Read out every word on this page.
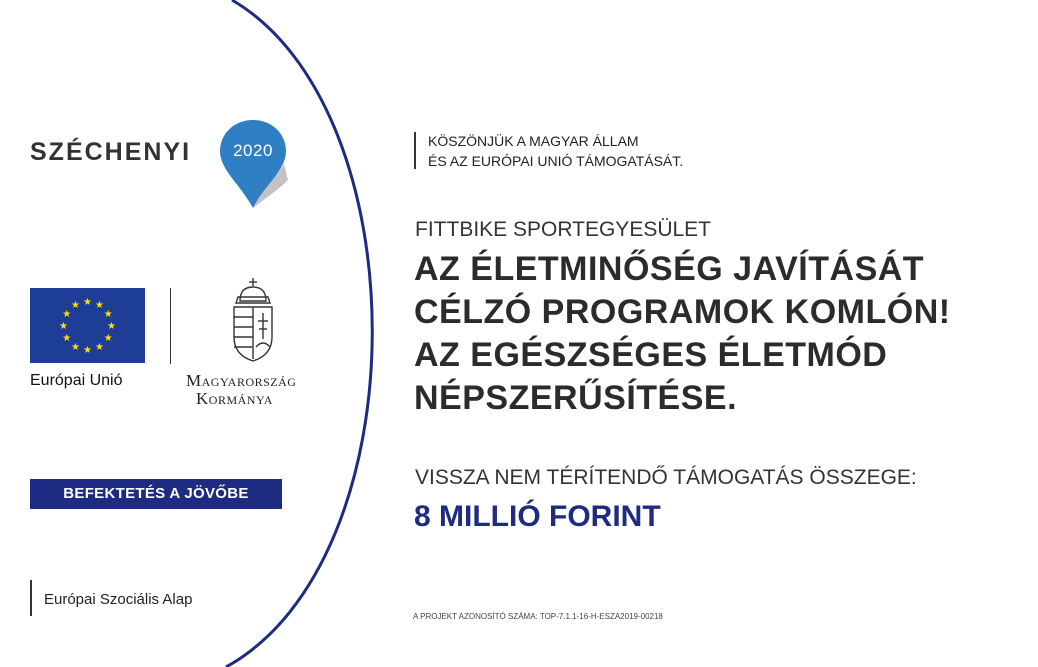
SZÉCHENYI	2020
★ ★
★
★
★
★
★
★
★
★
★
★
Európai Unió	Magyarország
Kormánya
BEFEKTETÉS A JÖVŐBE
Európai Szociális Alap
KÖSZÖNJÜK A MAGYAR ÁLLAM
ÉS AZ EURÓPAI UNIÓ TÁMOGATÁSÁT.
FITTBIKE SPORTEGYESÜLET
AZ ÉLETMINŐSÉG JAVÍTÁSÁT
CÉLZÓ PROGRAMOK KOMLÓN!
AZ EGÉSZSÉGES ÉLETMÓD
NÉPSZERŰSÍTÉSE.
VISSZA NEM TÉRÍTENDŐ TÁMOGATÁS ÖSSZEGE:
8 MILLIÓ FORINT
A PROJEKT AZONOSÍTÓ SZÁMA: TOP-7.1.1-16-H-ESZA2019-00218
